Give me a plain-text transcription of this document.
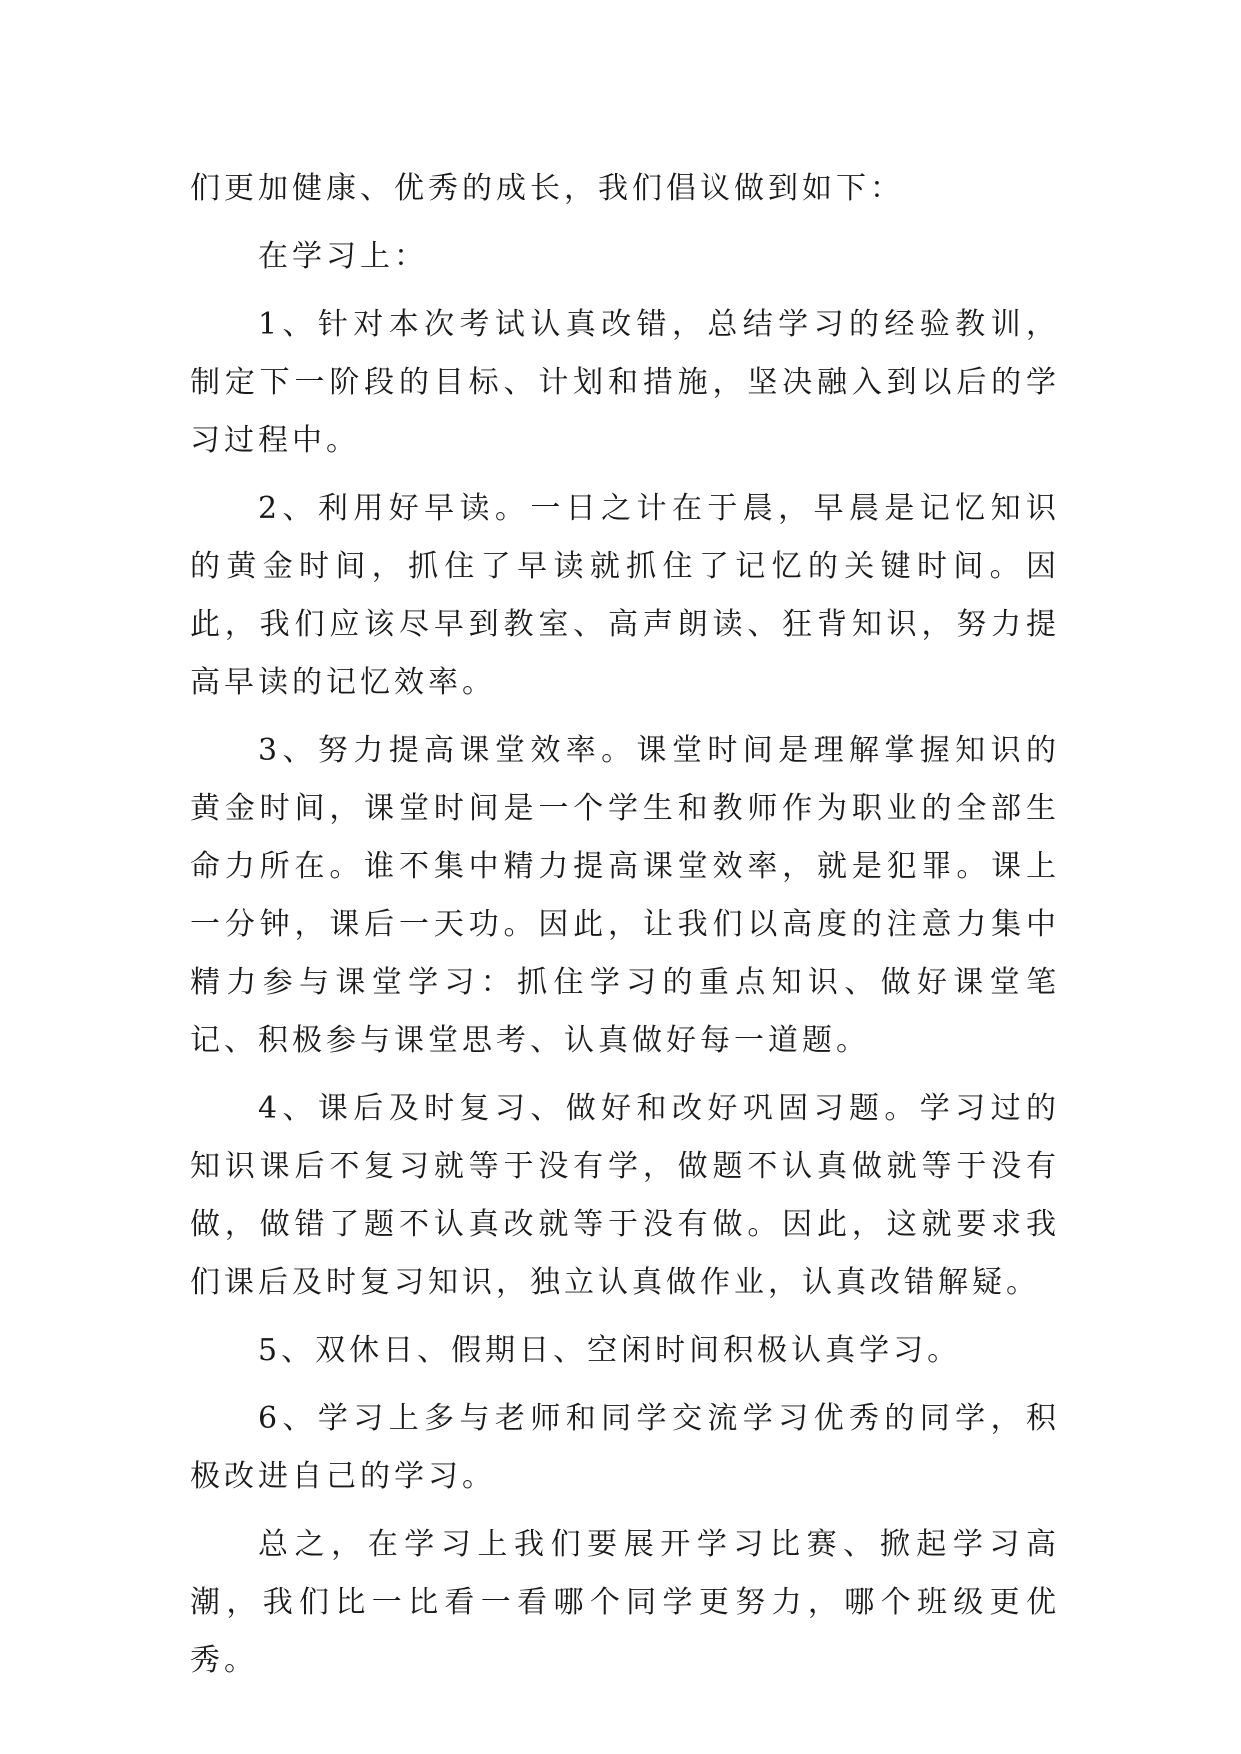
们更加健康、优秀的成长，我们倡议做到如下：

在学习上：

1、针对本次考试认真改错，总结学习的经验教训，制定下一阶段的目标、计划和措施，坚决融入到以后的学习过程中。

2、利用好早读。一日之计在于晨，早晨是记忆知识的黄金时间，抓住了早读就抓住了记忆的关键时间。因此，我们应该尽早到教室、高声朗读、狂背知识，努力提高早读的记忆效率。

3、努力提高课堂效率。课堂时间是理解掌握知识的黄金时间，课堂时间是一个学生和教师作为职业的全部生命力所在。谁不集中精力提高课堂效率，就是犯罪。课上一分钟，课后一天功。因此，让我们以高度的注意力集中精力参与课堂学习：抓住学习的重点知识、做好课堂笔记、积极参与课堂思考、认真做好每一道题。

4、课后及时复习、做好和改好巩固习题。学习过的知识课后不复习就等于没有学，做题不认真做就等于没有做，做错了题不认真改就等于没有做。因此，这就要求我们课后及时复习知识，独立认真做作业，认真改错解疑。

5、双休日、假期日、空闲时间积极认真学习。

6、学习上多与老师和同学交流学习优秀的同学，积极改进自己的学习。

总之，在学习上我们要展开学习比赛、掀起学习高潮，我们比一比看一看哪个同学更努力，哪个班级更优秀。
